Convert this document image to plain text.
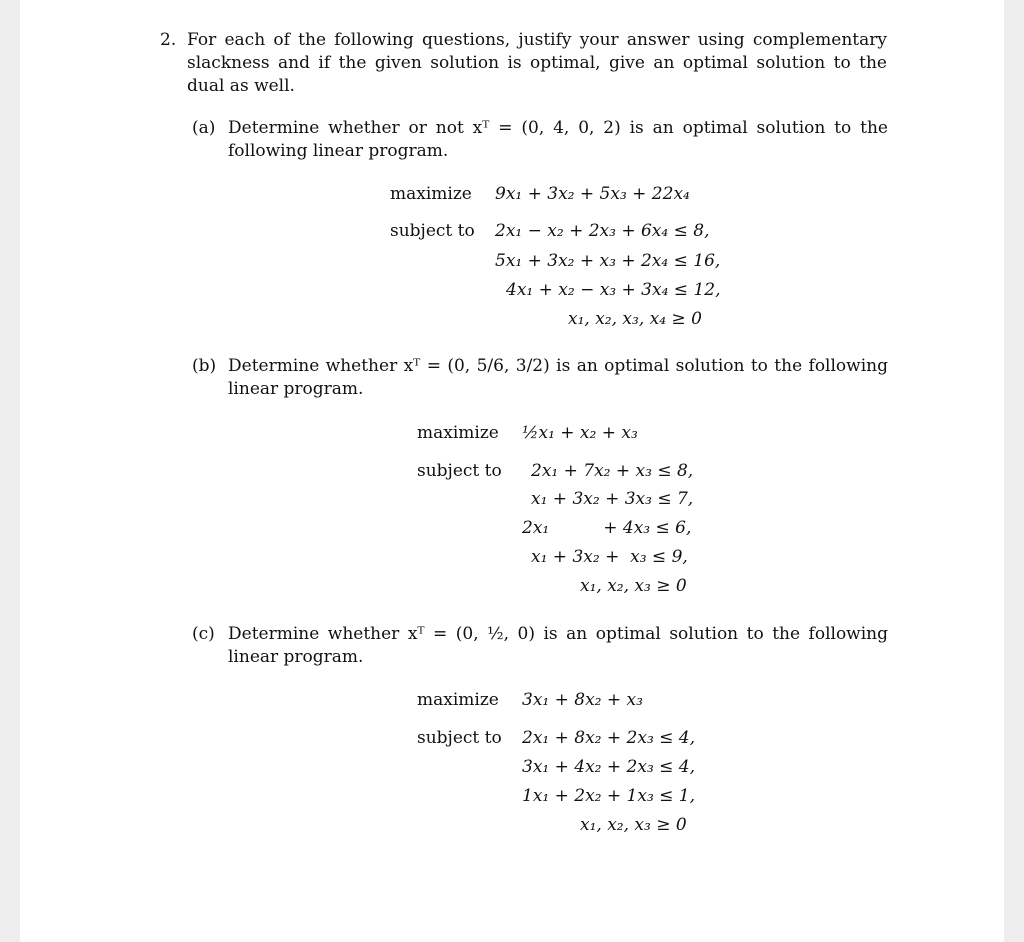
2. For each of the following questions, justify your answer using complementary slackness and if the given solution is optimal, give an optimal solution to the dual as well.
(a) Determine whether or not xᵀ = (0, 4, 0, 2) is an optimal solution to the following linear program.
maximize 9x₁ + 3x₂ + 5x₃ + 22x₄
subject to 2x₁ − x₂ + 2x₃ + 6x₄ ≤ 8,
5x₁ + 3x₂ + x₃ + 2x₄ ≤ 16,
4x₁ + x₂ − x₃ + 3x₄ ≤ 12,
x₁, x₂, x₃, x₄ ≥ 0
(b) Determine whether xᵀ = (0, 5/6, 3/2) is an optimal solution to the following linear program.
maximize ½x₁ + x₂ + x₃
subject to 2x₁ + 7x₂ + x₃ ≤ 8,
x₁ + 3x₂ + 3x₃ ≤ 7,
2x₁          + 4x₃ ≤ 6,
x₁ + 3x₂ +  x₃ ≤ 9,
x₁, x₂, x₃ ≥ 0
(c) Determine whether xᵀ = (0, ½, 0) is an optimal solution to the following linear program.
maximize 3x₁ + 8x₂ + x₃
subject to 2x₁ + 8x₂ + 2x₃ ≤ 4,
3x₁ + 4x₂ + 2x₃ ≤ 4,
1x₁ + 2x₂ + 1x₃ ≤ 1,
x₁, x₂, x₃ ≥ 0
